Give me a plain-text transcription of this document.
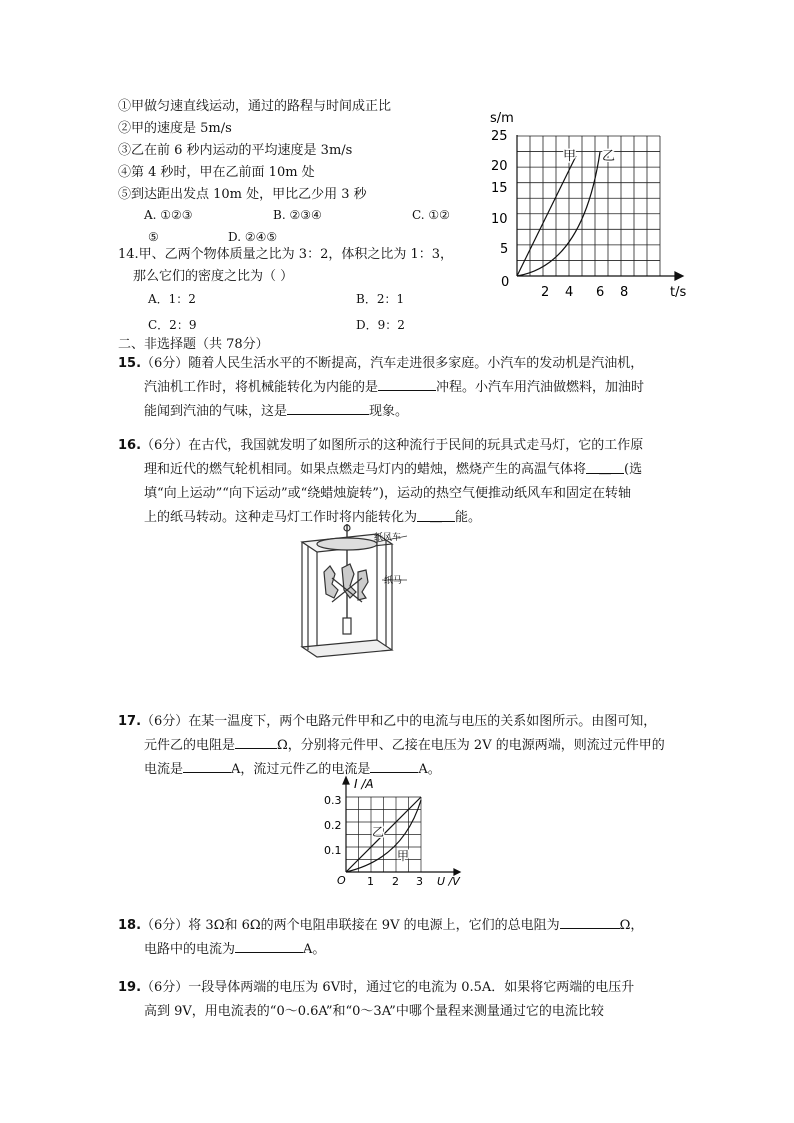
①甲做匀速直线运动，通过的路程与时间成正比
②甲的速度是 5m/s
③乙在前 6 秒内运动的平均速度是 3m/s
④第 4 秒时，甲在乙前面 10m 处
⑤到达距出发点 10m 处，甲比乙少用 3 秒
A. ①②③	B. ②③④	C. ①②
⑤	D. ②④⑤
s/m
t/s
25
20
15
10
5
0
2 4 6 8
甲 乙
14.甲、乙两个物体质量之比为 3：2，体积之比为 1：3，
那么它们的密度之比为（ ）
A．1：2	B．2：1
C．2：9	D．9：2
二、非选择题（共 78分）
15.（6分）随着人民生活水平的不断提高，汽车走进很多家庭。小汽车的发动机是汽油机，
汽油机工作时，将机械能转化为内能的是	冲程。小汽车用汽油做燃料，加油时
能闻到汽油的气味，这是	现象。
16.（6分）在古代，我国就发明了如图所示的这种流行于民间的玩具式走马灯，它的工作原
理和近代的燃气轮机相同。如果点燃走马灯内的蜡烛，燃烧产生的高温气体将 ___ (选
填“向上运动”“向下运动”或“绕蜡烛旋转”)，运动的热空气便推动纸风车和固定在转轴
上的纸马转动。这种走马灯工作时将内能转化为 ___ 能。
纸风车
纸马
17.（6分）在某一温度下，两个电路元件甲和乙中的电流与电压的关系如图所示。由图可知，
元件乙的电阻是	Ω，分别将元件甲、乙接在电压为 2V 的电源两端，则流过元件甲的
电流是	A，流过元件乙的电流是	A。
I /A
U /V
0.3
0.2
0.1
O 1 2 3
乙
甲
18.（6分）将 3Ω和 6Ω的两个电阻串联接在 9V 的电源上，它们的总电阻为	Ω，
电路中的电流为	A。
19.（6分）一段导体两端的电压为 6V时，通过它的电流为 0.5A．如果将它两端的电压升
高到 9V，用电流表的“0～0.6A”和“0～3A”中哪个量程来测量通过它的电流比较
